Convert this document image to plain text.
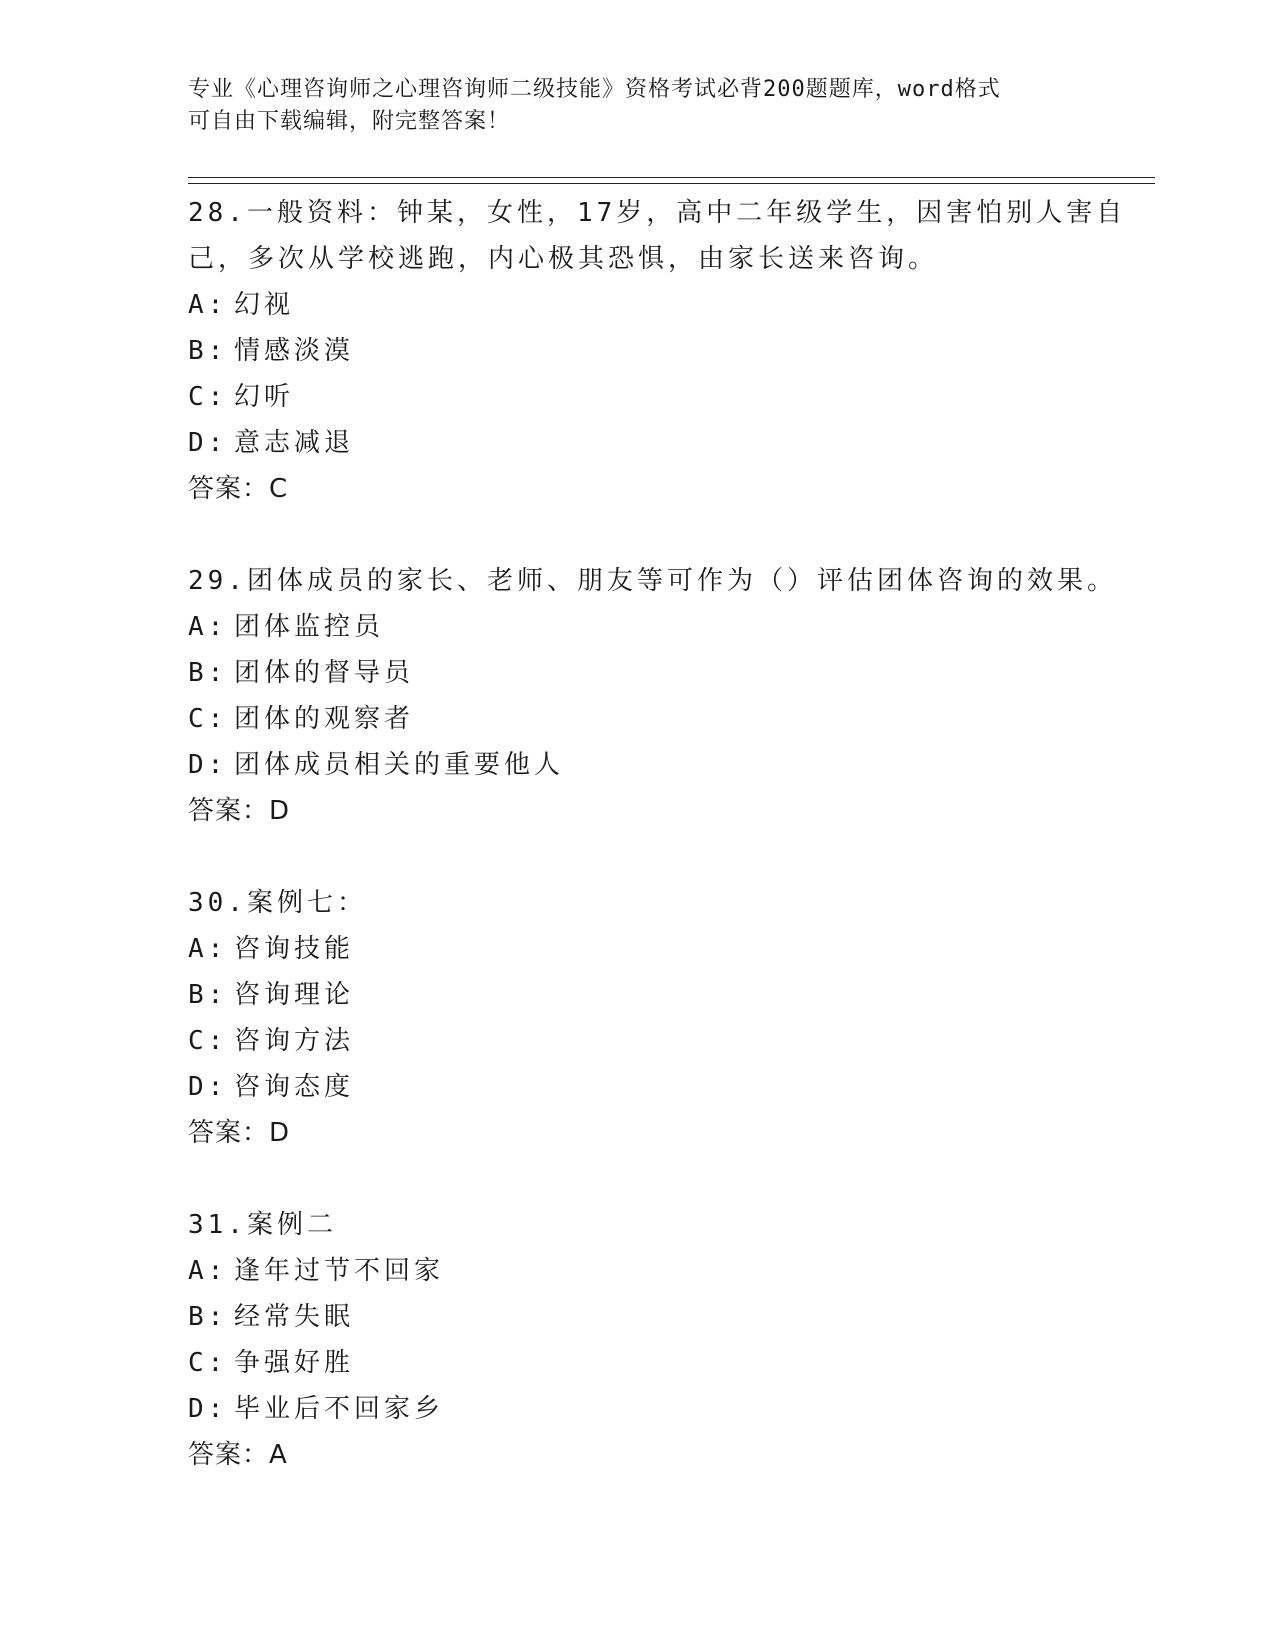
专业《心理咨询师之心理咨询师二级技能》资格考试必背200题题库，word格式
可自由下载编辑，附完整答案！
28.一般资料：钟某，女性，17岁，高中二年级学生，因害怕别人害自
己，多次从学校逃跑，内心极其恐惧，由家长送来咨询。
A: 幻视
B: 情感淡漠
C: 幻听
D: 意志减退
答案：C
29.团体成员的家长、老师、朋友等可作为（）评估团体咨询的效果。
A: 团体监控员
B: 团体的督导员
C: 团体的观察者
D: 团体成员相关的重要他人
答案：D
30.案例七：
A: 咨询技能
B: 咨询理论
C: 咨询方法
D: 咨询态度
答案：D
31.案例二
A: 逢年过节不回家
B: 经常失眠
C: 争强好胜
D: 毕业后不回家乡
答案：A
